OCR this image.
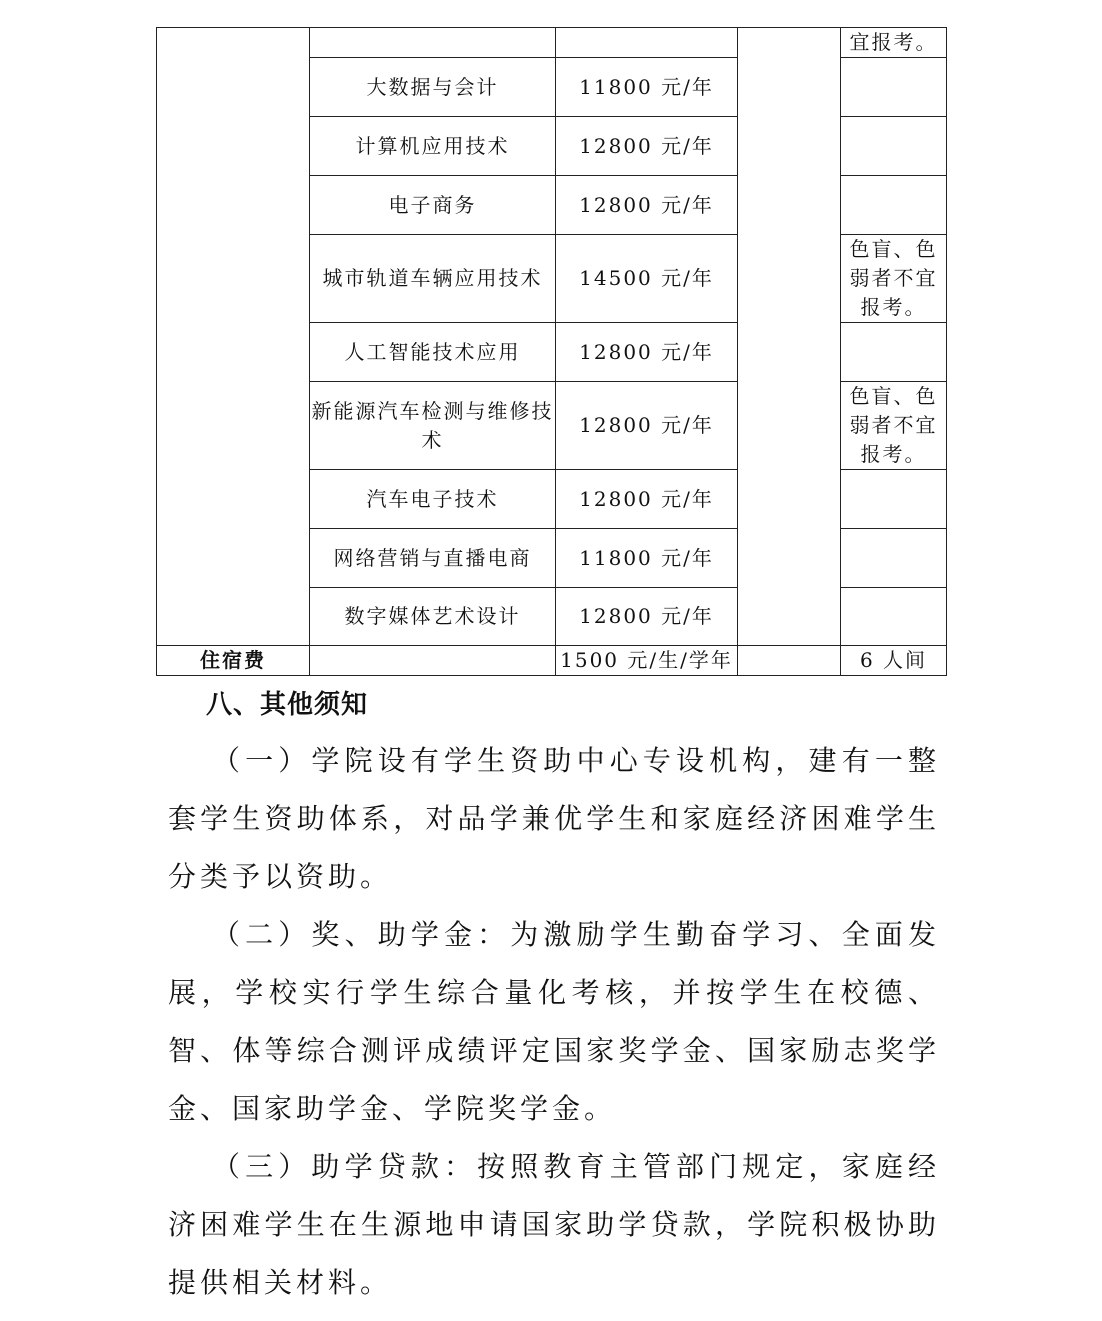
				宜报考。
	大数据与会计	11800 元/年		
	计算机应用技术	12800 元/年		
	电子商务	12800 元/年		
	城市轨道车辆应用技术	14500 元/年		色盲、色弱者不宜报考。
	人工智能技术应用	12800 元/年		
	新能源汽车检测与维修技术	12800 元/年		色盲、色弱者不宜报考。
	汽车电子技术	12800 元/年		
	网络营销与直播电商	11800 元/年		
	数字媒体艺术设计	12800 元/年		
住宿费		1500 元/生/学年		6 人间
八、其他须知

（一）学院设有学生资助中心专设机构，建有一整套学生资助体系，对品学兼优学生和家庭经济困难学生分类予以资助。

（二）奖、助学金：为激励学生勤奋学习、全面发展，学校实行学生综合量化考核，并按学生在校德、智、体等综合测评成绩评定国家奖学金、国家励志奖学金、国家助学金、学院奖学金。

（三）助学贷款：按照教育主管部门规定，家庭经济困难学生在生源地申请国家助学贷款，学院积极协助提供相关材料。
